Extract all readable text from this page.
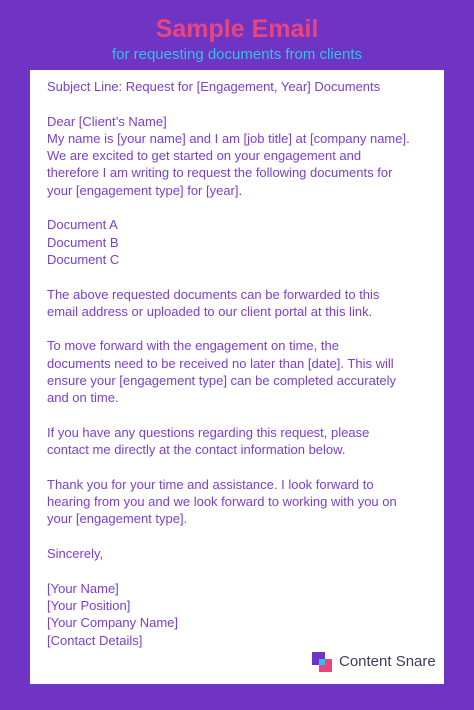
Sample Email
for requesting documents from clients
Subject Line: Request for [Engagement, Year] Documents
Dear [Client’s Name]
My name is [your name] and I am [job title] at [company name].
We are excited to get started on your engagement and
therefore I am writing to request the following documents for
your [engagement type] for [year].
Document A
Document B
Document C
The above requested documents can be forwarded to this
email address or uploaded to our client portal at this link.
To move forward with the engagement on time, the
documents need to be received no later than [date]. This will
ensure your [engagement type] can be completed accurately
and on time.
If you have any questions regarding this request, please
contact me directly at the contact information below.
Thank you for your time and assistance. I look forward to
hearing from you and we look forward to working with you on
your [engagement type].
Sincerely,
[Your Name]
[Your Position]
[Your Company Name]
[Contact Details]
Content Snare
